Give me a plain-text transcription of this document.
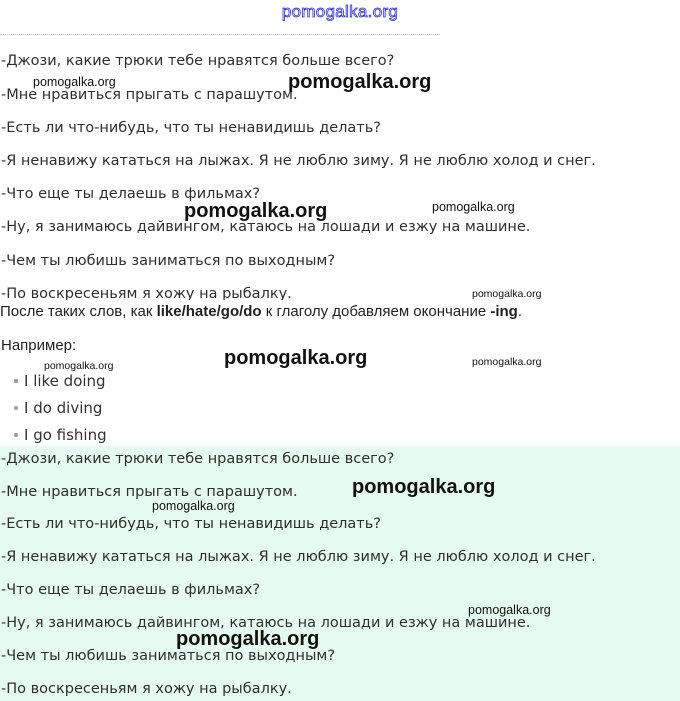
pomogalka.org
-Джози, какие трюки тебе нравятся больше всего?
-Мне нравиться прыгать с парашутом.
-Есть ли что-нибудь, что ты ненавидишь делать?
-Я ненавижу кататься на лыжах. Я не люблю зиму. Я не люблю холод и снег.
-Что еще ты делаешь в фильмах?
-Ну, я занимаюсь дайвингом, катаюсь на лошади и езжу на машине.
-Чем ты любишь заниматься по выходным?
-По воскресеньям я хожу на рыбалку.
После таких слов, как like/hate/go/do к глаголу добавляем окончание -ing.
Например:
I like doing
I do diving
I go fishing
-Джози, какие трюки тебе нравятся больше всего?
-Мне нравиться прыгать с парашутом.
-Есть ли что-нибудь, что ты ненавидишь делать?
-Я ненавижу кататься на лыжах. Я не люблю зиму. Я не люблю холод и снег.
-Что еще ты делаешь в фильмах?
-Ну, я занимаюсь дайвингом, катаюсь на лошади и езжу на машине.
-Чем ты любишь заниматься по выходным?
-По воскресеньям я хожу на рыбалку.
pomogalka.org	pomogalka.org
pomogalka.org	pomogalka.org
pomogalka.org
pomogalka.org
pomogalka.org	pomogalka.org
pomogalka.org
pomogalka.org
pomogalka.org
pomogalka.org
